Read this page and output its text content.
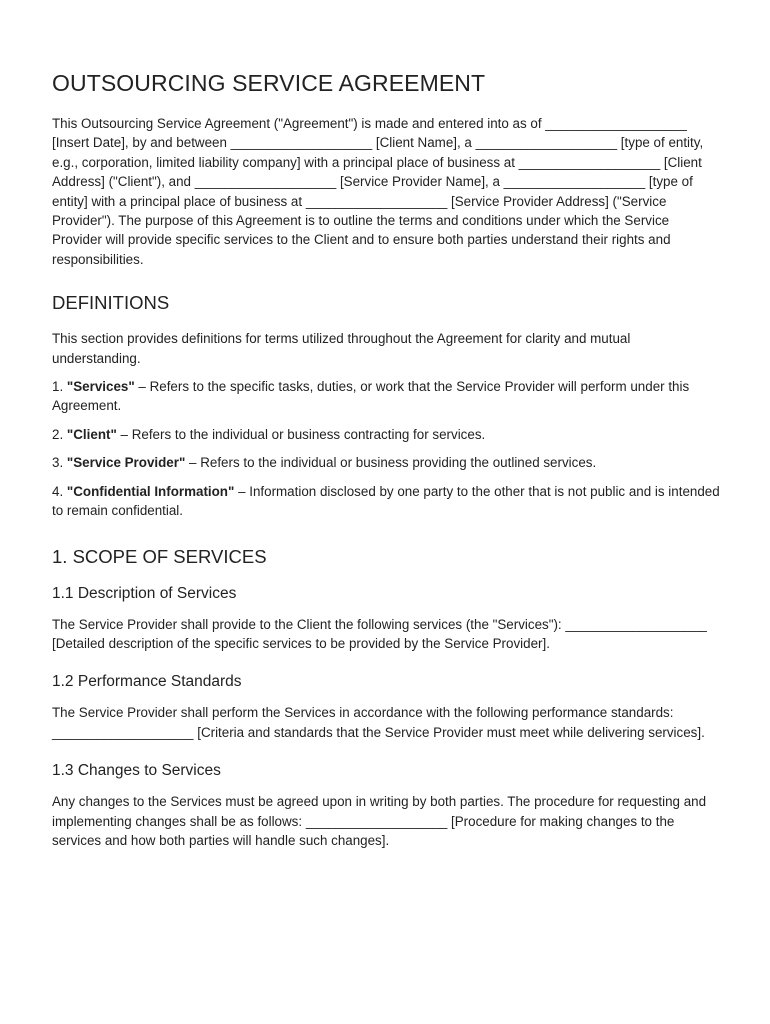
OUTSOURCING SERVICE AGREEMENT

This Outsourcing Service Agreement ("Agreement") is made and entered into as of ___________________ [Insert Date], by and between ___________________ [Client Name], a ___________________ [type of entity, e.g., corporation, limited liability company] with a principal place of business at ___________________ [Client Address] ("Client"), and ___________________ [Service Provider Name], a ___________________ [type of entity] with a principal place of business at ___________________ [Service Provider Address] ("Service Provider"). The purpose of this Agreement is to outline the terms and conditions under which the Service Provider will provide specific services to the Client and to ensure both parties understand their rights and responsibilities.

DEFINITIONS

This section provides definitions for terms utilized throughout the Agreement for clarity and mutual understanding.

1. "Services" – Refers to the specific tasks, duties, or work that the Service Provider will perform under this Agreement.

2. "Client" – Refers to the individual or business contracting for services.

3. "Service Provider" – Refers to the individual or business providing the outlined services.

4. "Confidential Information" – Information disclosed by one party to the other that is not public and is intended to remain confidential.

1. SCOPE OF SERVICES
1.1 Description of Services

The Service Provider shall provide to the Client the following services (the "Services"): ___________________ [Detailed description of the specific services to be provided by the Service Provider].

1.2 Performance Standards

The Service Provider shall perform the Services in accordance with the following performance standards: ___________________ [Criteria and standards that the Service Provider must meet while delivering services].

1.3 Changes to Services

Any changes to the Services must be agreed upon in writing by both parties. The procedure for requesting and implementing changes shall be as follows: ___________________ [Procedure for making changes to the services and how both parties will handle such changes].
